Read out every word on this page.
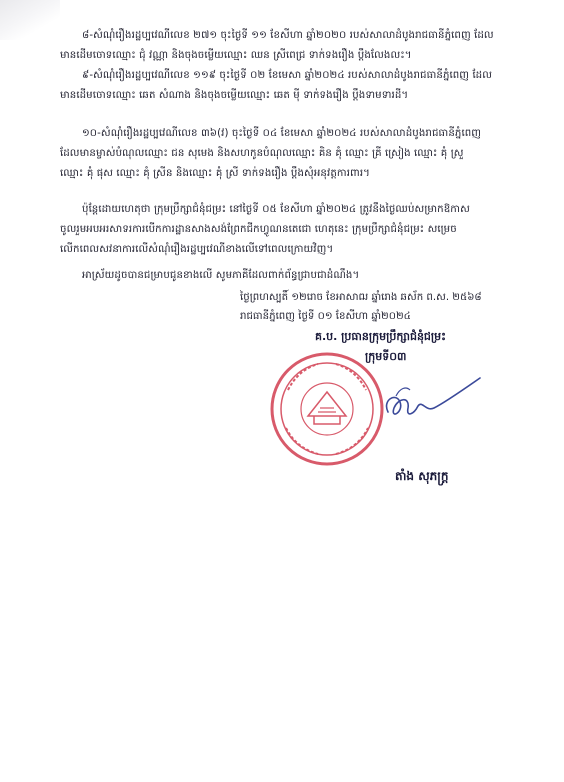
៨-សំណុំរឿងរដ្ឋប្បវេណីលេខ ២៧១ ចុះថ្ងៃទី ១១ ខែសីហា ឆ្នាំ២០២០ របស់សាលាដំបូងរាជធានីភ្នំពេញ ដែល
មានដើមចោទឈ្មោះ ជុំ វណ្ណា និងចុងចម្លើយឈ្មោះ ឈន ស្រីពេជ្រ ទាក់ទងរឿង ប្តឹងលែងលះ។
៩-សំណុំរឿងរដ្ឋប្បវេណីលេខ ១១៩ ចុះថ្ងៃទី ០២ ខែមេសា ឆ្នាំ២០២៤ របស់សាលាដំបូងរាជធានីភ្នំពេញ ដែល
មានដើមចោទឈ្មោះ ឆេត សំណាង និងចុងចម្លើយឈ្មោះ ឆេត ម៉ី ទាក់ទងរឿង ប្តឹងទាមទារដី។
១០-សំណុំរឿងរដ្ឋប្បវេណីលេខ ៣៦(វ) ចុះថ្ងៃទី ០៤ ខែមេសា ឆ្នាំ២០២៤ របស់សាលាដំបូងរាជធានីភ្នំពេញ
ដែលមានម្ចាស់បំណុលឈ្មោះ ជន សុមេង និងសហកូនបំណុលឈ្មោះ គិន គុំ ឈ្មោះ គ្រី ស្រៀង ឈ្មោះ គុំ ស្រួ
ឈ្មោះ គុំ ផុស ឈ្មោះ គុំ ស្រីន និងឈ្មោះ គុំ ស្រី ទាក់ទងរឿង ប្តឹងសុំអនុវត្តការពារ។
ប៉ុន្តែដោយហេតុថា ក្រុមប្រឹក្សាជំនុំជម្រះ នៅថ្ងៃទី ០៥ ខែសីហា ឆ្នាំ២០២៤ ត្រូវនឹងថ្ងៃឈប់សម្រាកឱកាស
ចូលរួមអបអរសាទរការបើកការដ្ឋានសាងសង់ព្រែកជីកហ្វូណនតេជោ ហេតុនេះ ក្រុមប្រឹក្សាជំនុំជម្រះ សម្រេច
លើកពេលសវនាការលើសំណុំរឿងរដ្ឋប្បវេណីខាងលើទៅពេលក្រោយវិញ។
អាស្រ័យដូចបានជម្រាបជូនខាងលើ សូមភាគីដែលពាក់ព័ន្ធជ្រាបជាដំណឹង។
ថ្ងៃព្រហស្បតិ៍ ១២រោច ខែអាសាឍ ឆ្នាំរោង ឆស័ក ព.ស. ២៥៦៨
រាជធានីភ្នំពេញ ថ្ងៃទី ០១ ខែសីហា ឆ្នាំ២០២៤
គ.ប. ប្រធានក្រុមប្រឹក្សាជំនុំជម្រះ
ក្រុមទី០៣
តាំង សុភក្ត្រ
